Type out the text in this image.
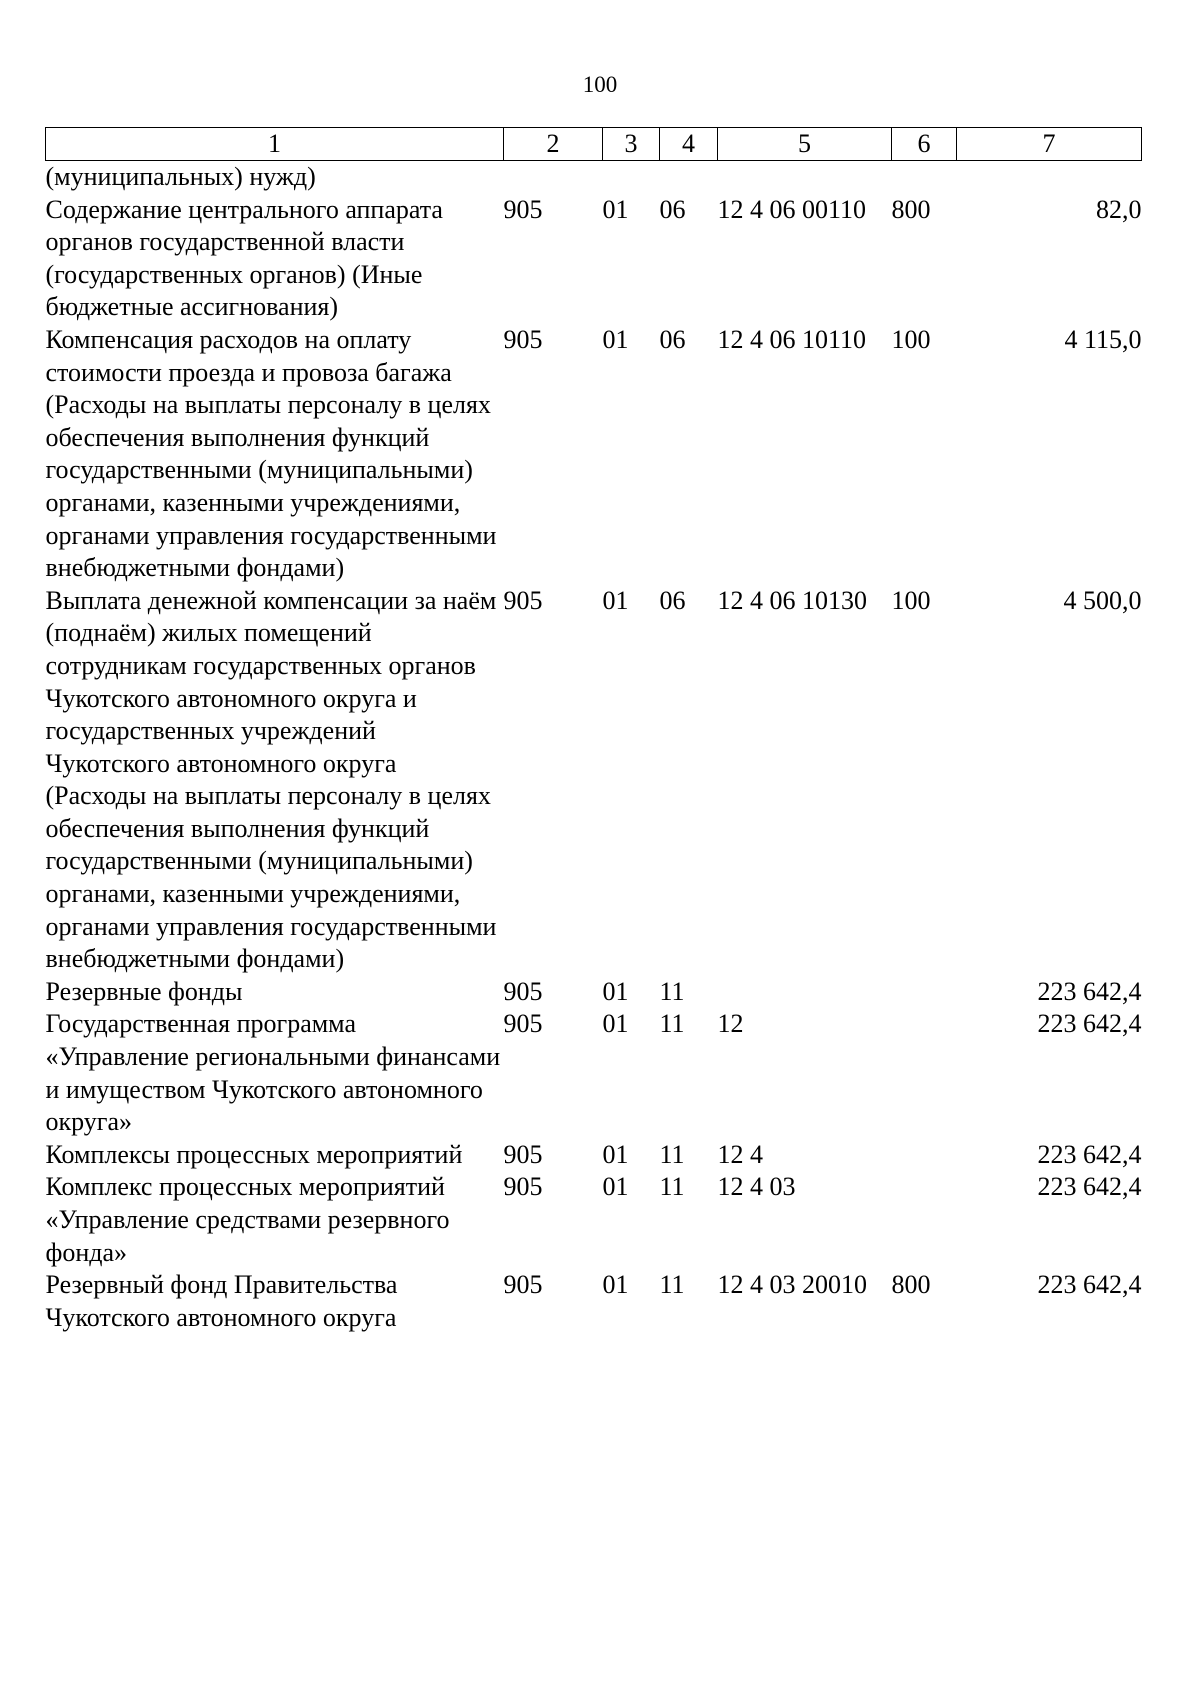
100
1	2	3	4	5	6	7
(муниципальных) нужд)						
Содержание центрального аппарата органов государственной власти (государственных органов) (Иные бюджетные ассигнования)	905	01	06	12 4 06 00110	800	82,0
Компенсация расходов на оплату стоимости проезда и провоза багажа (Расходы на выплаты персоналу в целях обеспечения выполнения функций государственными (муниципальными) органами, казенными учреждениями, органами управления государственными внебюджетными фондами)	905	01	06	12 4 06 10110	100	4 115,0
Выплата денежной компенсации за наём (поднаём) жилых помещений сотрудникам государственных органов Чукотского автономного округа и государственных учреждений Чукотского автономного округа (Расходы на выплаты персоналу в целях обеспечения выполнения функций государственными (муниципальными) органами, казенными учреждениями, органами управления государственными внебюджетными фондами)	905	01	06	12 4 06 10130	100	4 500,0
Резервные фонды	905	01	11			223 642,4
Государственная программа «Управление региональными финансами и имуществом Чукотского автономного округа»	905	01	11	12		223 642,4
Комплексы процессных мероприятий	905	01	11	12 4		223 642,4
Комплекс процессных мероприятий «Управление средствами резервного фонда»	905	01	11	12 4 03		223 642,4
Резервный фонд Правительства Чукотского автономного округа	905	01	11	12 4 03 20010	800	223 642,4
